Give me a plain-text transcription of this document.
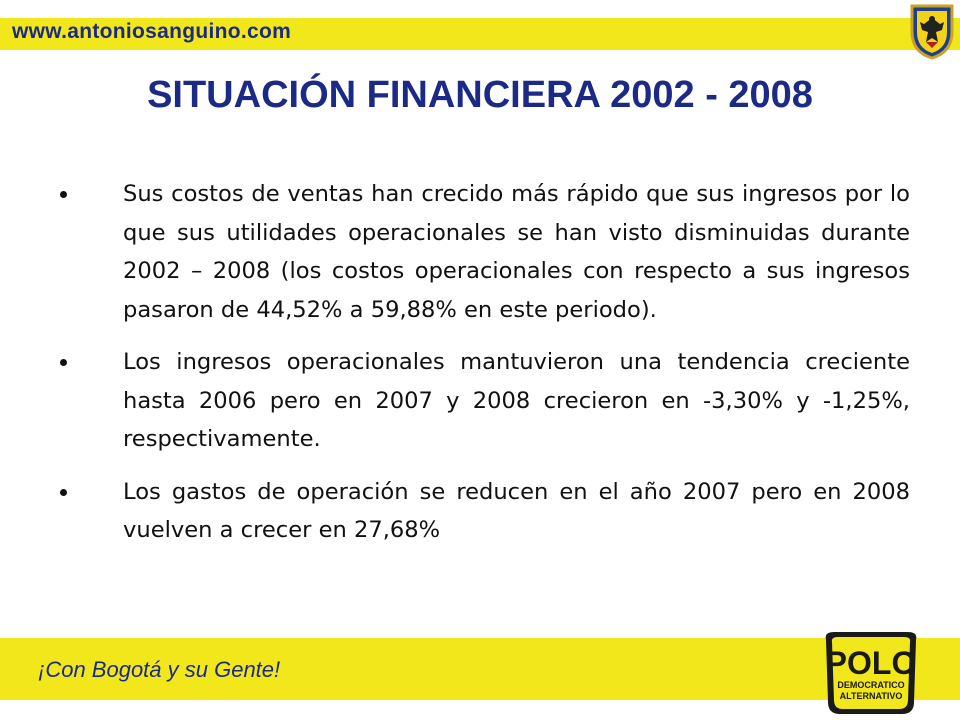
www.antoniosanguino.com
SITUACIÓN FINANCIERA 2002 - 2008
Sus costos de ventas han crecido más rápido que sus ingresos por lo que sus utilidades operacionales se han visto disminuidas durante 2002 – 2008 (los costos operacionales con respecto a sus ingresos pasaron de 44,52% a 59,88% en este periodo).
Los ingresos operacionales mantuvieron una tendencia creciente hasta 2006 pero en 2007 y 2008 crecieron en -3,30% y -1,25%, respectivamente.
Los gastos de operación se reducen en el año 2007 pero en 2008 vuelven a crecer en 27,68%
¡Con Bogotá y su Gente!	POLO
DEMOCRATICO
ALTERNATIVO
